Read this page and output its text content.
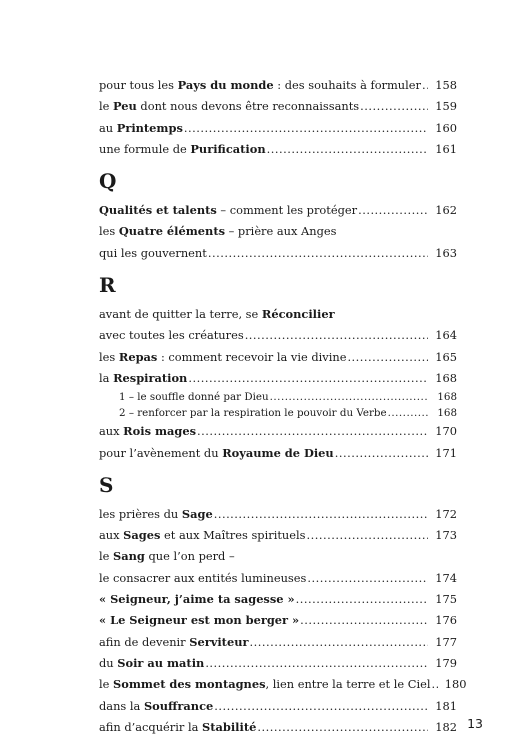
pour tous les Pays du monde : des souhaits à formuler .....	158
le Peu dont nous devons être reconnaissants .....	159
au Printemps .....	160
une formule de Purification .....	161
Q
Qualités et talents – comment les protéger .....	162
les Quatre éléments – prière aux Anges
qui les gouvernent .....	163
R
avant de quitter la terre, se Réconcilier
avec toutes les créatures .....	164
les Repas : comment recevoir la vie divine .....	165
la Respiration .....	168
1 – le souffle donné par Dieu .....	168
2 – renforcer par la respiration le pouvoir du Verbe .....	168
aux Rois mages .....	170
pour l’avènement du Royaume de Dieu .....	171
S
les prières du Sage .....	172
aux Sages et aux Maîtres spirituels .....	173
le Sang que l’on perd –
le consacrer aux entités lumineuses .....	174
« Seigneur, j’aime ta sagesse » .....	175
« Le Seigneur est mon berger » .....	176
afin de devenir Serviteur .....	177
du Soir au matin .....	179
le Sommet des montagnes, lien entre la terre et le Ciel .....	180
dans la Souffrance .....	181
afin d’acquérir la Stabilité .....	182 13
